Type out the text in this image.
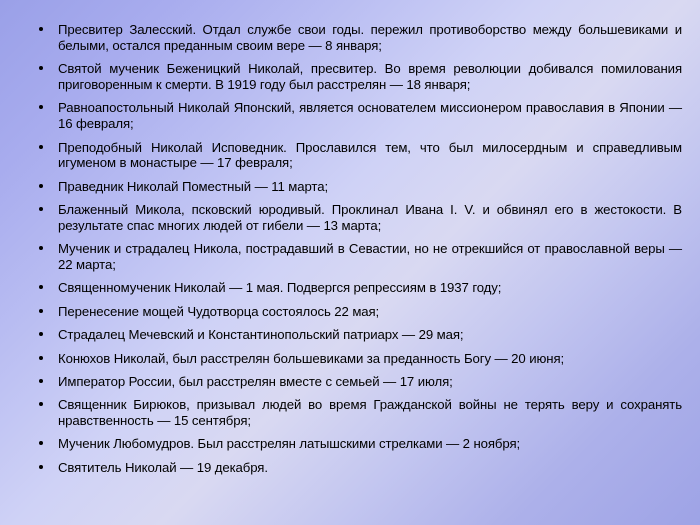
Пресвитер Залесский. Отдал службе свои годы. пережил противоборство между большевиками и белыми, остался преданным своим вере — 8 января;
Святой мученик Беженицкий Николай, пресвитер. Во время революции добивался помилования приговоренным к смерти. В 1919 году был расстрелян — 18 января;
Равноапостольный Николай Японский, является основателем миссионером православия в Японии — 16 февраля;
Преподобный Николай Исповедник. Прославился тем, что был милосердным и справедливым игуменом в монастыре — 17 февраля;
Праведник Николай Поместный — 11 марта;
Блаженный Микола, псковский юродивый. Проклинал Ивана I. V. и обвинял его в жестокости. В результате спас многих людей от гибели — 13 марта;
Мученик и страдалец Никола, пострадавший в Севастии, но не отрекшийся от православной веры — 22 марта;
Священномученик Николай — 1 мая. Подвергся репрессиям в 1937 году;
Перенесение мощей Чудотворца состоялось 22 мая;
Страдалец Мечевский и Константинопольский патриарх — 29 мая;
Конюхов Николай, был расстрелян большевиками за преданность Богу — 20 июня;
Император России, был расстрелян вместе с семьей — 17 июля;
Священник Бирюков, призывал людей во время Гражданской войны не терять веру и сохранять нравственность — 15 сентября;
Мученик Любомудров. Был расстрелян латышскими стрелками — 2 ноября;
Святитель Николай — 19 декабря.
